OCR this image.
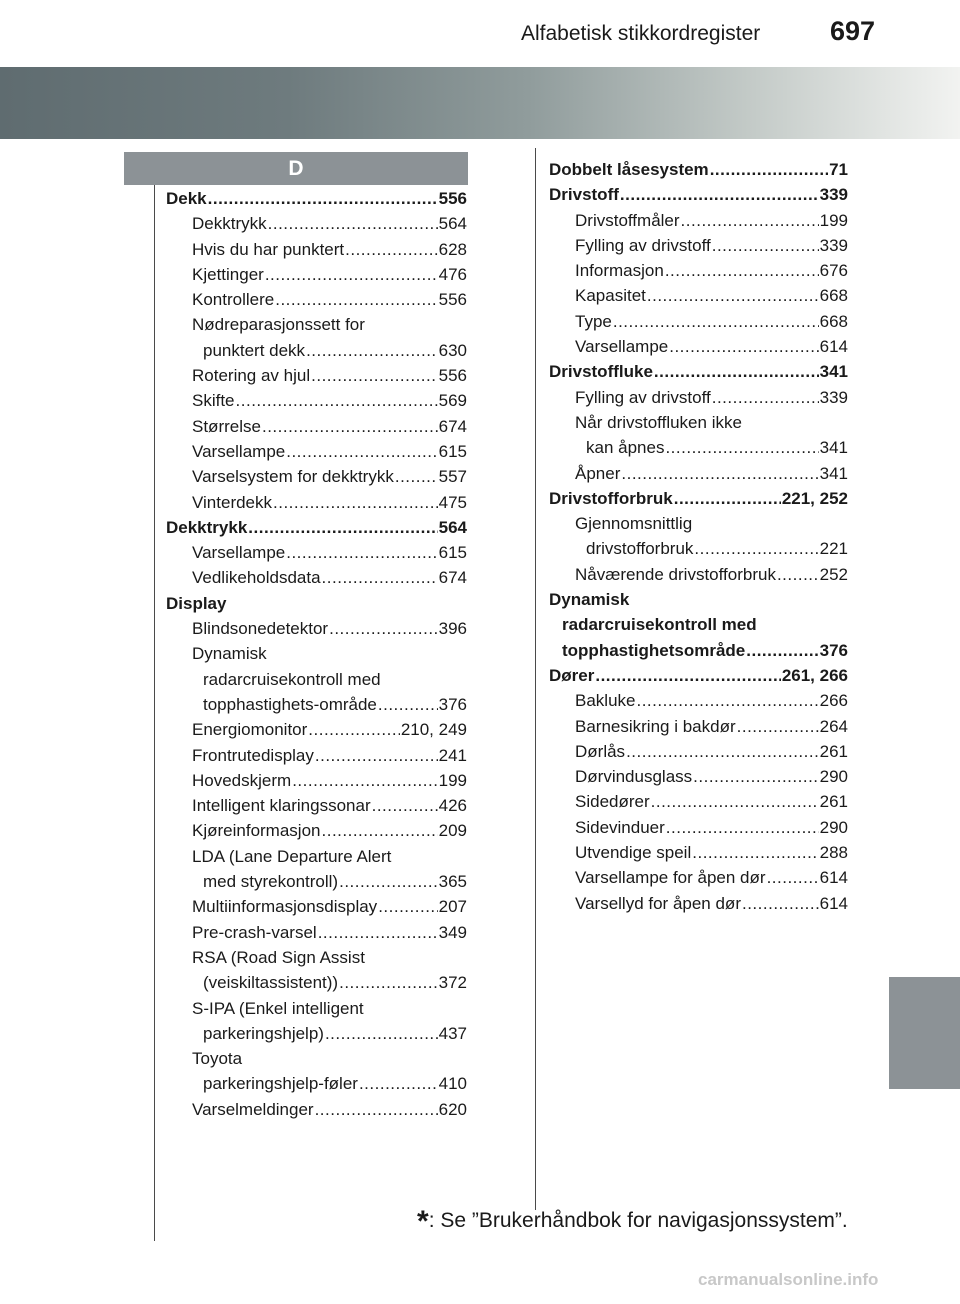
Alfabetisk stikkordregister	697
D
Dekk .....	556
Dekktrykk .....	564
Hvis du har punktert .....	628
Kjettinger .....	476
Kontrollere .....	556
Nødreparasjonssett for
punktert dekk .....	630
Rotering av hjul .....	556
Skifte .....	569
Størrelse .....	674
Varsellampe .....	615
Varselsystem for dekktrykk .....	557
Vinterdekk .....	475
Dekktrykk .....	564
Varsellampe .....	615
Vedlikeholdsdata .....	674
Display
Blindsonedetektor .....	396
Dynamisk
radarcruisekontroll med
topphastighets-område .....	376
Energiomonitor .....	210, 249
Frontrutedisplay .....	241
Hovedskjerm .....	199
Intelligent klaringssonar .....	426
Kjøreinformasjon .....	209
LDA (Lane Departure Alert
med styrekontroll) .....	365
Multiinformasjonsdisplay .....	207
Pre-crash-varsel .....	349
RSA (Road Sign Assist
(veiskiltassistent)) .....	372
S-IPA (Enkel intelligent
parkeringshjelp) .....	437
Toyota
parkeringshjelp-føler .....	410
Varselmeldinger .....	620
Dobbelt låsesystem .....	71
Drivstoff .....	339
Drivstoffmåler .....	199
Fylling av drivstoff .....	339
Informasjon .....	676
Kapasitet .....	668
Type .....	668
Varsellampe .....	614
Drivstoffluke .....	341
Fylling av drivstoff .....	339
Når drivstoffluken ikke
kan åpnes .....	341
Åpner .....	341
Drivstofforbruk .....	221, 252
Gjennomsnittlig
drivstofforbruk .....	221
Nåværende drivstofforbruk .....	252
Dynamisk
radarcruisekontroll med
topphastighetsområde .....	376
Dører .....	261, 266
Bakluke .....	266
Barnesikring i bakdør .....	264
Dørlås .....	261
Dørvindusglass .....	290
Sidedører .....	261
Sidevinduer .....	290
Utvendige speil .....	288
Varsellampe for åpen dør .....	614
Varsellyd for åpen dør .....	614
*: Se ”Brukerhåndbok for navigasjonssystem”.
carmanualsonline.info
